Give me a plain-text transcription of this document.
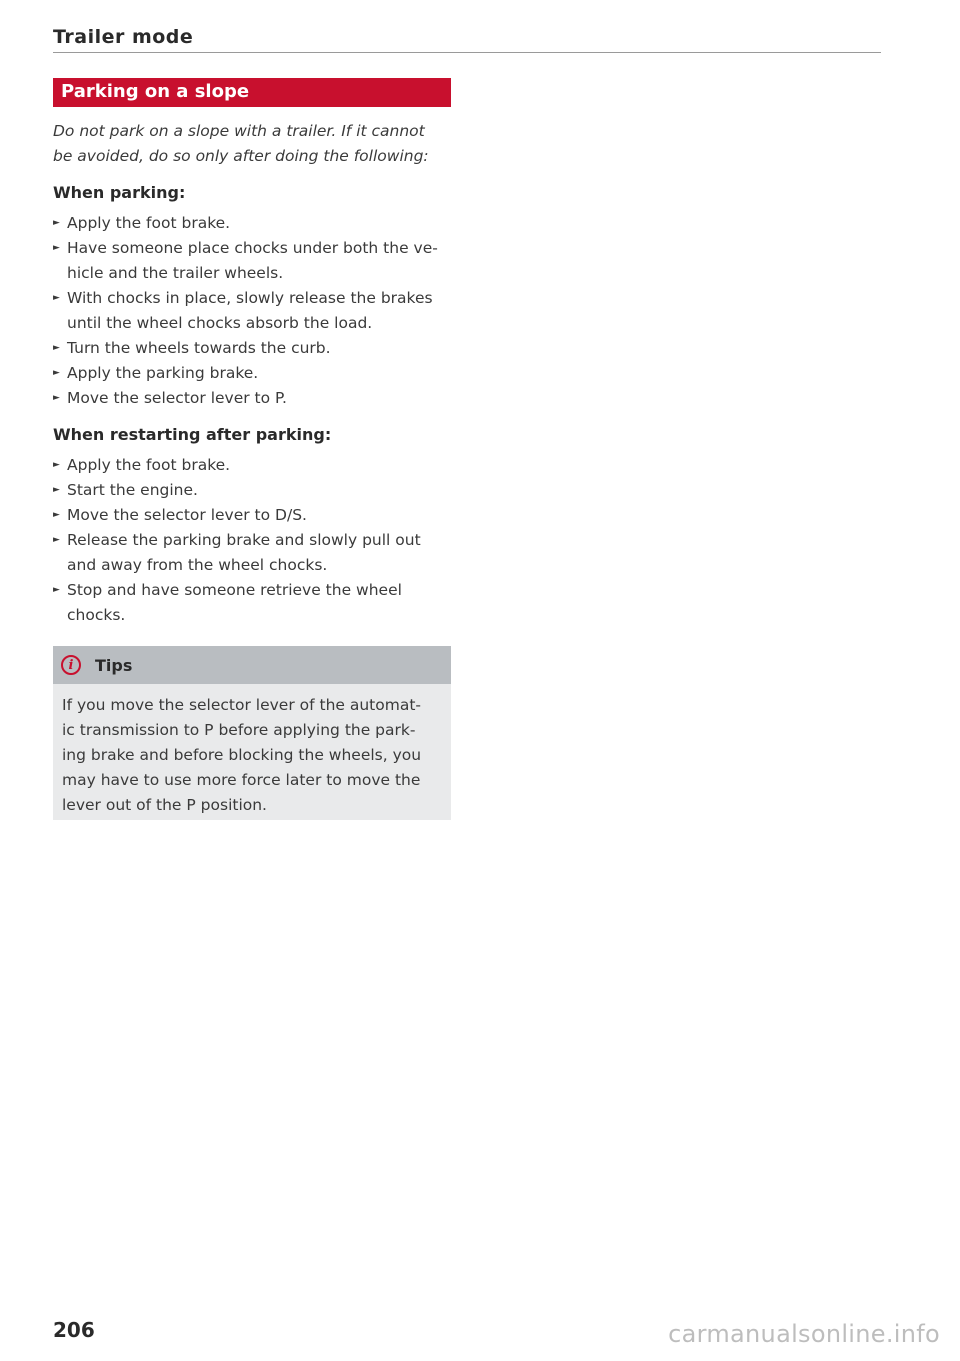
Trailer mode
Parking on a slope
Do not park on a slope with a trailer. If it cannot
be avoided, do so only after doing the following:
When parking:
► Apply the foot brake.
► Have someone place chocks under both the ve-
hicle and the trailer wheels.
► With chocks in place, slowly release the brakes
until the wheel chocks absorb the load.
► Turn the wheels towards the curb.
► Apply the parking brake.
► Move the selector lever to P.
When restarting after parking:
► Apply the foot brake.
► Start the engine.
► Move the selector lever to D/S.
► Release the parking brake and slowly pull out
and away from the wheel chocks.
► Stop and have someone retrieve the wheel
chocks.
i	Tips

If you move the selector lever of the automat-

ic transmission to P before applying the park-

ing brake and before blocking the wheels, you

may have to use more force later to move the

lever out of the P position.

206	carmanualsonline.info
